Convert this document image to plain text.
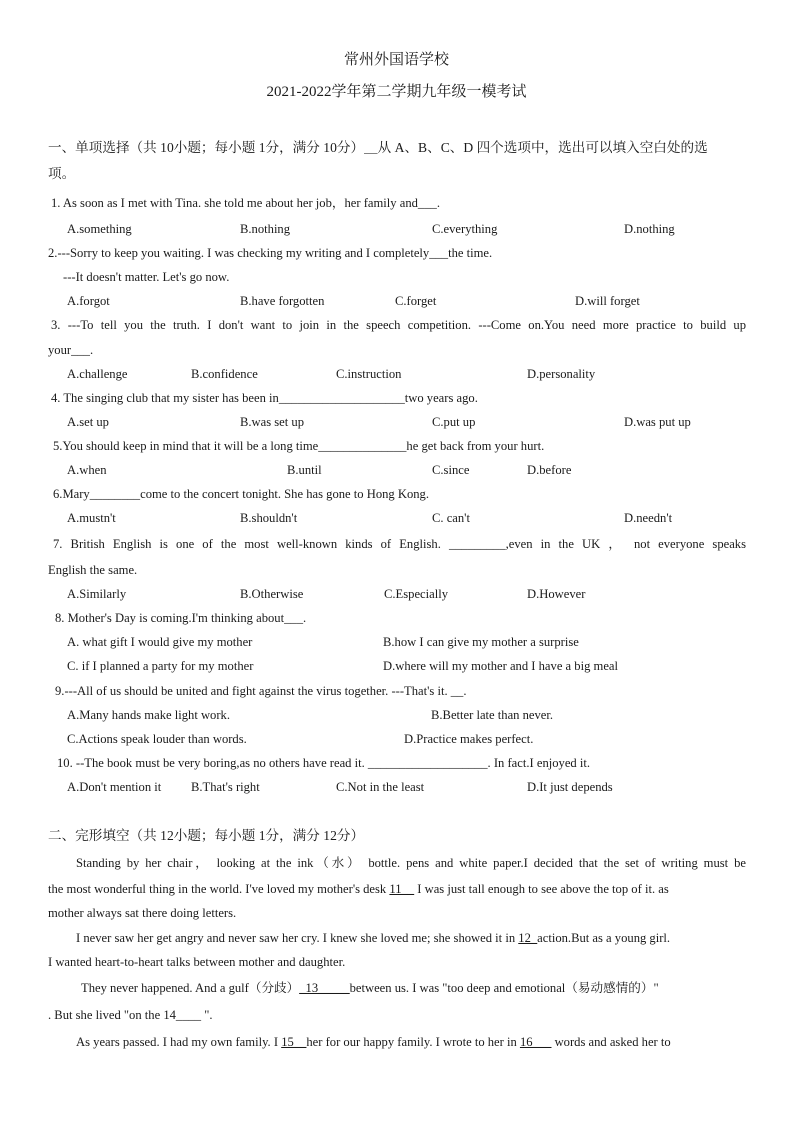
常州外国语学校
2021-2022学年第二学期九年级一模考试
一、单项选择（共 10小题；每小题 1分，满分 10分）＿从 A、B、C、D 四个选项中，选出可以填入空白处的选
项。
1. As soon as I met with Tina. she told me about her job，her family and___.
A.something	B.nothing	C.everything	D.nothing
2.---Sorry to keep you waiting. I was checking my writing and I completely___the time.
---It doesn't matter. Let's go now.
A.forgot	B.have forgotten	C.forget	D.will forget
3. ---To tell you the truth. I don't want to join in the speech competition. ---Come on.You need more practice to build up
your___.
A.challenge	B.confidence	C.instruction	D.personality
4. The singing club that my sister has been in____________________two years ago.
A.set up	B.was set up	C.put up	D.was put up
5.You should keep in mind that it will be a long time______________he get back from your hurt.
A.when	B.until	C.since	D.before
6.Mary________come to the concert tonight. She has gone to Hong Kong.
A.mustn't	B.shouldn't	C. can't	D.needn't
7. British English is one of the most well-known kinds of English. _________,even in the UK ， not everyone speaks
English the same.
A.Similarly	B.Otherwise	C.Especially	D.However
8. Mother's Day is coming.I'm thinking about___.
A. what gift I would give my mother	B.how I can give my mother a surprise
C. if I planned a party for my mother	D.where will my mother and I have a big meal
9.---All of us should be united and fight against the virus together. ---That's it. __.
A.Many hands make light work.	B.Better late than never.
C.Actions speak louder than words.	D.Practice makes perfect.
10. --The book must be very boring,as no others have read it. ___________________. In fact.I enjoyed it.
A.Don't mention it B.That's right	C.Not in the least	D.It just depends
二、完形填空（共 12小题；每小题 1分，满分 12分）
Standing by her chair， looking at the ink（水） bottle. pens and white paper.I decided that the set of writing must be
the most wonderful thing in the world. I've loved my mother's desk 11__ I was just tall enough to see above the top of it. as
mother always sat there doing letters.
I never saw her get angry and never saw her cry. I knew she loved me; she showed it in 12_action.But as a young girl.
I wanted heart-to-heart talks between mother and daughter.
They never happened. And a gulf（分歧）_13_____between us. I was "too deep and emotional（易动感情的）"
. But she lived "on the 14____ ".
As years passed. I had my own family. I 15__her for our happy family. I wrote to her in 16___ words and asked her to
